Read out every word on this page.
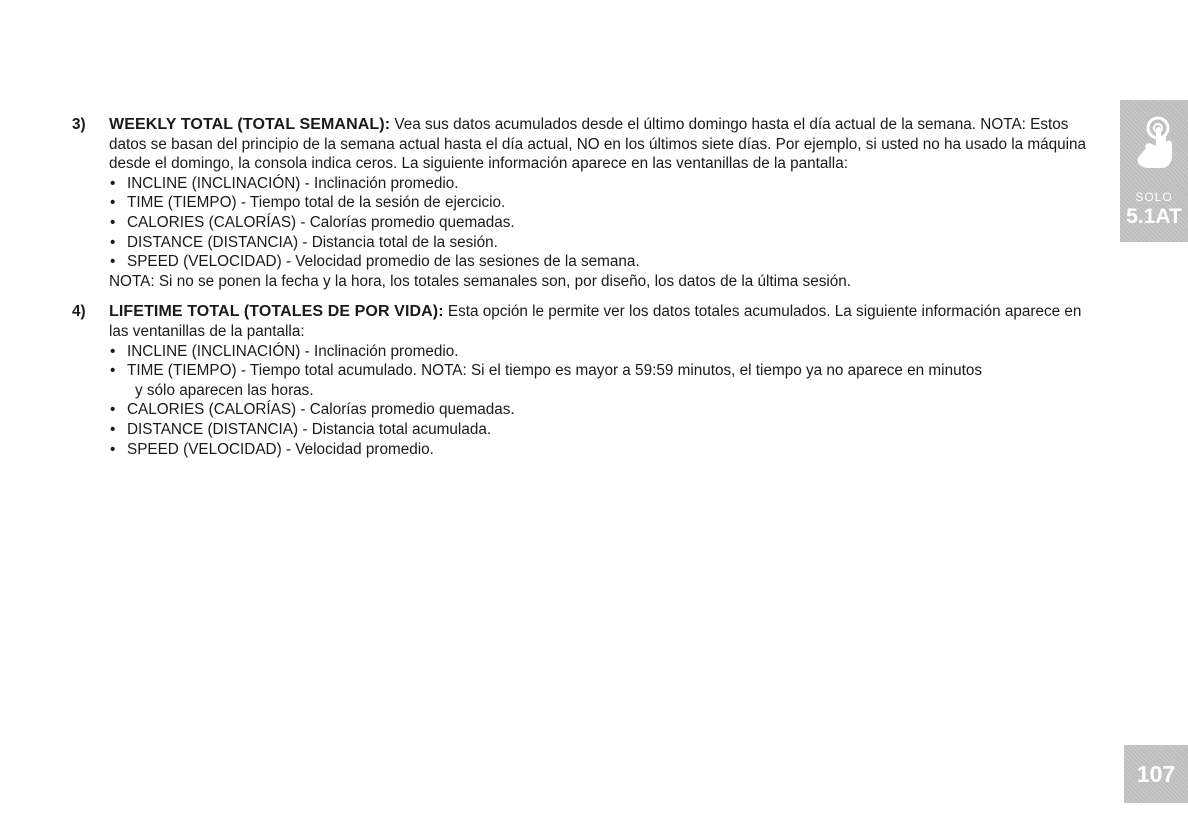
3) WEEKLY TOTAL (TOTAL SEMANAL): Vea sus datos acumulados desde el último domingo hasta el día actual de la semana. NOTA: Estos datos se basan del principio de la semana actual hasta el día actual, NO en los últimos siete días. Por ejemplo, si usted no ha usado la máquina desde el domingo, la consola indica ceros. La siguiente información aparece en las ventanillas de la pantalla:

• INCLINE (INCLINACIÓN) - Inclinación promedio.
• TIME (TIEMPO) - Tiempo total de la sesión de ejercicio.
• CALORIES (CALORÍAS) - Calorías promedio quemadas.
• DISTANCE (DISTANCIA) - Distancia total de la sesión.
• SPEED (VELOCIDAD) - Velocidad promedio de las sesiones de la semana.

NOTA: Si no se ponen la fecha y la hora, los totales semanales son, por diseño, los datos de la última sesión.

4) LIFETIME TOTAL (TOTALES DE POR VIDA): Esta opción le permite ver los datos totales acumulados. La siguiente información aparece en las ventanillas de la pantalla:

• INCLINE (INCLINACIÓN) - Inclinación promedio.
• TIME (TIEMPO) - Tiempo total acumulado. NOTA: Si el tiempo es mayor a 59:59 minutos, el tiempo ya no aparece en minutos
y sólo aparecen las horas.
• CALORIES (CALORÍAS) - Calorías promedio quemadas.
• DISTANCE (DISTANCIA) - Distancia total acumulada.
• SPEED (VELOCIDAD) - Velocidad promedio.
SOLO
5.1AT
107
